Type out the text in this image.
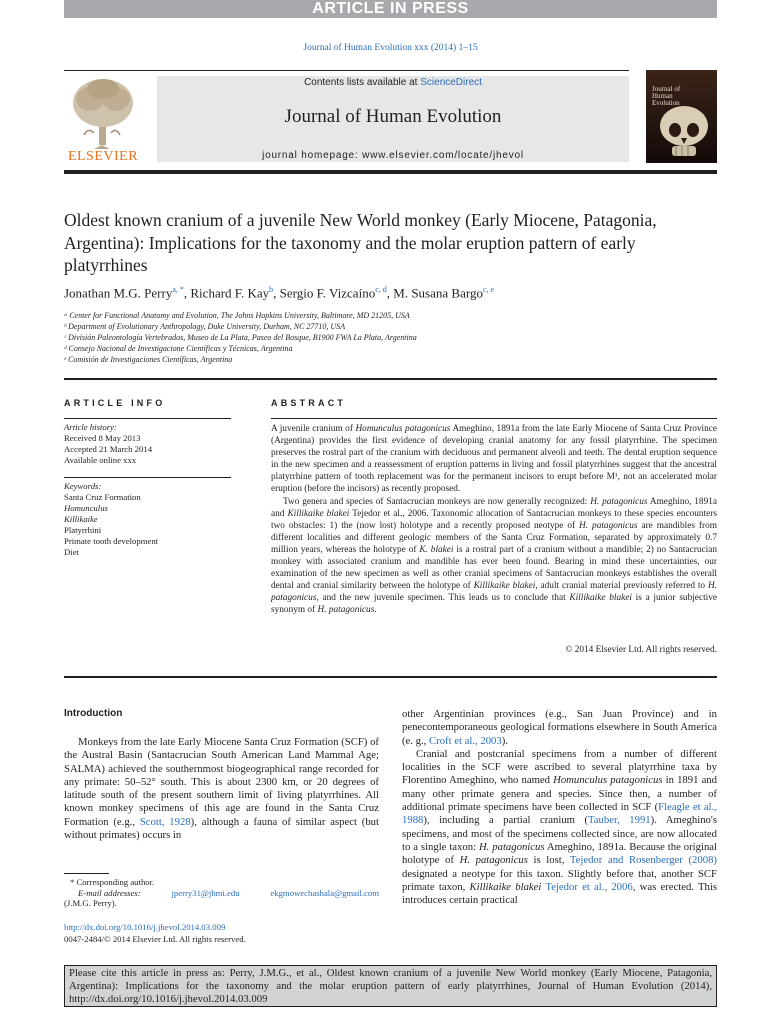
ARTICLE IN PRESS
Journal of Human Evolution xxx (2014) 1–15
ELSEVIER
Contents lists available at ScienceDirect
Journal of Human Evolution
journal homepage: www.elsevier.com/locate/jhevol
Journal of Human Evolution
Oldest known cranium of a juvenile New World monkey (Early Miocene, Patagonia, Argentina): Implications for the taxonomy and the molar eruption pattern of early platyrrhines
Jonathan M.G. Perry$^{a, *}$, Richard F. Kay$^b$, Sergio F. Vizcaíno$^{c, d}$, M. Susana Bargo$^{c, e}$
ᵃ Center for Functional Anatomy and Evolution, The Johns Hopkins University, Baltimore, MD 21205, USA
ᵇ Department of Evolutionary Anthropology, Duke University, Durham, NC 27710, USA
ᶜ División Paleontología Vertebrados, Museo de La Plata, Paseo del Bosque, B1900 FWA La Plata, Argentina
ᵈ Consejo Nacional de Investigacione Científicas y Técnicas, Argentina
ᵉ Comisión de Investigaciones Científicas, Argentina
ARTICLE INFO
Article history:
Received 8 May 2013
Accepted 21 March 2014
Available online xxx
Keywords:
Santa Cruz Formation
Homunculus
Killikaike
Platyrrhini
Primate tooth development
Diet
ABSTRACT

A juvenile cranium of Homunculus patagonicus Ameghino, 1891a from the late Early Miocene of Santa Cruz Province (Argentina) provides the first evidence of developing cranial anatomy for any fossil platyrrhine. The specimen preserves the rostral part of the cranium with deciduous and permanent alveoli and teeth. The dental eruption sequence in the new specimen and a reassessment of eruption patterns in living and fossil platyrrhines suggest that the ancestral platyrrhine pattern of tooth replacement was for the permanent incisors to erupt before M¹, not an accelerated molar eruption (before the incisors) as recently proposed.

Two genera and species of Santacrucian monkeys are now generally recognized: H. patagonicus Ameghino, 1891a and Killikaike blakei Tejedor et al., 2006. Taxonomic allocation of Santacrucian monkeys to these species encounters two obstacles: 1) the (now lost) holotype and a recently proposed neotype of H. patagonicus are mandibles from different localities and different geologic members of the Santa Cruz Formation, separated by approximately 0.7 million years, whereas the holotype of K. blakei is a rostral part of a cranium without a mandible; 2) no Santacrucian monkey with associated cranium and mandible has ever been found. Bearing in mind these uncertainties, our examination of the new specimen as well as other cranial specimens of Santacrucian monkeys establishes the overall dental and cranial similarity between the holotype of Killikaike blakei, adult cranial material previously referred to H. patagonicus, and the new juvenile specimen. This leads us to conclude that Killikaike blakei is a junior subjective synonym of H. patagonicus.

© 2014 Elsevier Ltd. All rights reserved.
Introduction

Monkeys from the late Early Miocene Santa Cruz Formation (SCF) of the Austral Basin (Santacrucian South American Land Mammal Age; SALMA) achieved the southernmost biogeographical range recorded for any primate: 50–52° south. This is about 2300 km, or 20 degrees of latitude south of the present southern limit of living platyrrhines. All known monkey specimens of this age are found in the Santa Cruz Formation (e.g., Scott, 1928), although a fauna of similar aspect (but without primates) occurs in

other Argentinian provinces (e.g., San Juan Province) and in penecontemporaneous geological formations elsewhere in South America (e. g., Croft et al., 2003).

Cranial and postcranial specimens from a number of different localities in the SCF were ascribed to several platyrrhine taxa by Florentino Ameghino, who named Homunculus patagonicus in 1891 and many other primate genera and species. Since then, a number of additional primate specimens have been collected in SCF (Fleagle et al., 1988), including a partial cranium (Tauber, 1991). Ameghino's specimens, and most of the specimens collected since, are now allocated to a single taxon: H. patagonicus Ameghino, 1891a. Because the original holotype of H. patagonicus is lost, Tejedor and Rosenberger (2008) designated a neotype for this taxon. Slightly before that, another SCF primate taxon, Killikaike blakei Tejedor et al., 2006, was erected. This introduces certain practical

* Corresponding author.
E-mail addresses:	jperry31@jhmi.edu	ekgmowechashala@gmail.com
(J.M.G. Perry).
http://dx.doi.org/10.1016/j.jhevol.2014.03.009
0047-2484/© 2014 Elsevier Ltd. All rights reserved.
Please cite this article in press as: Perry, J.M.G., et al., Oldest known cranium of a juvenile New World monkey (Early Miocene, Patagonia, Argentina): Implications for the taxonomy and the molar eruption pattern of early platyrrhines, Journal of Human Evolution (2014), http://dx.doi.org/10.1016/j.jhevol.2014.03.009
